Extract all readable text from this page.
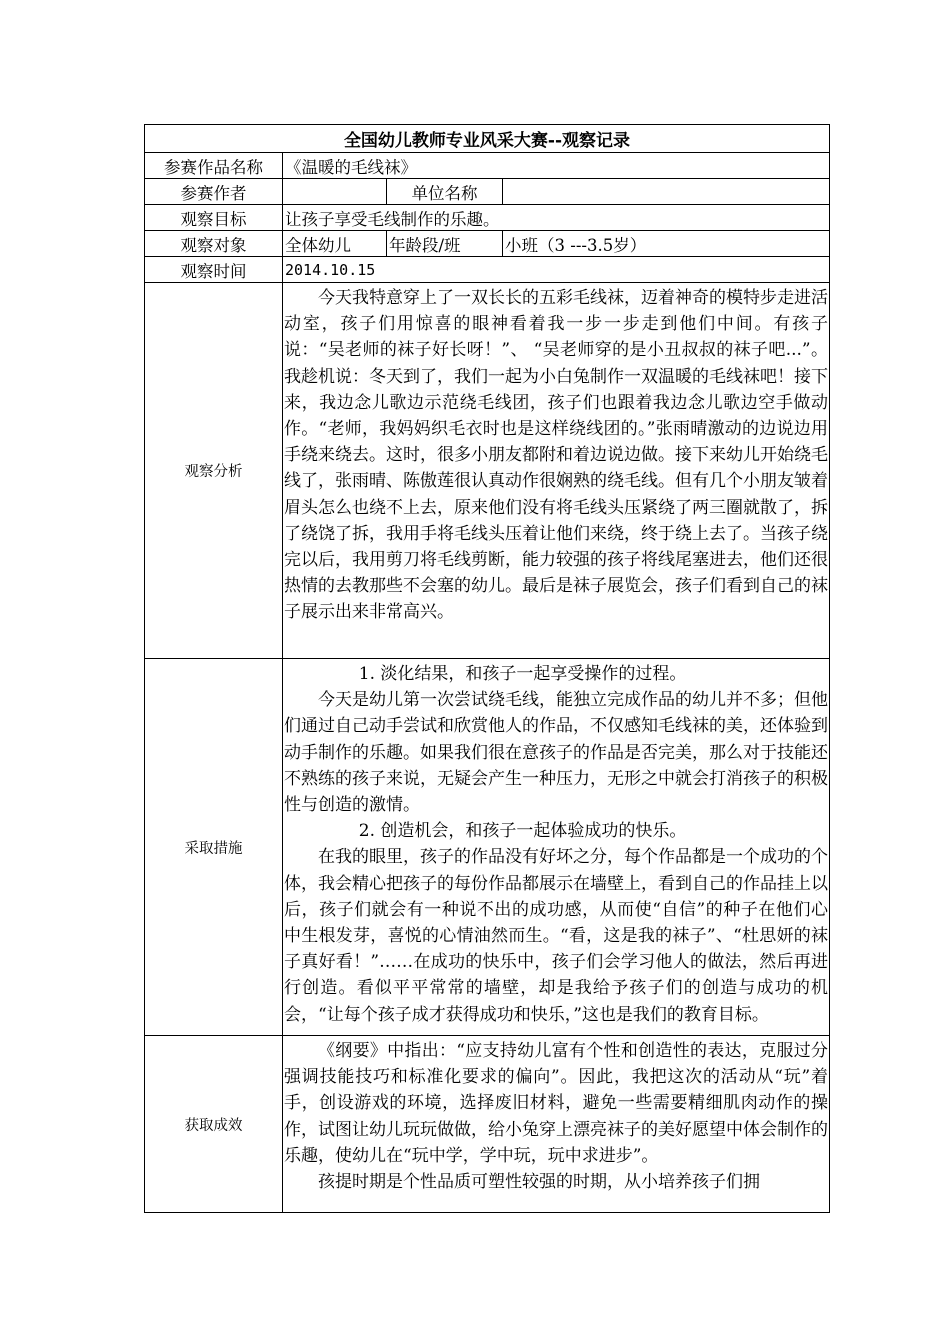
全国幼儿教师专业风采大赛--观察记录			
参赛作品名称	《温暖的毛线袜》		
参赛作者		单位名称	
观察目标	让孩子享受毛线制作的乐趣。		
观察对象	全体幼儿	年龄段/班	小班（3 ---3.5岁）
观察时间	2014.10.15		
观察分析	今天我特意穿上了一双长长的五彩毛线袜，迈着神奇的模特步走进活动室，孩子们用惊喜的眼神看着我一步一步走到他们中间。有孩子说：“吴老师的袜子好长呀！”、 “吴老师穿的是小丑叔叔的袜子吧...”。我趁机说：冬天到了，我们一起为小白兔制作一双温暖的毛线袜吧！接下来，我边念儿歌边示范绕毛线团，孩子们也跟着我边念儿歌边空手做动作。“老师，我妈妈织毛衣时也是这样绕线团的。”张雨晴激动的边说边用手绕来绕去。这时，很多小朋友都附和着边说边做。接下来幼儿开始绕毛线了，张雨晴、陈傲莲很认真动作很娴熟的绕毛线。但有几个小朋友皱着眉头怎么也绕不上去，原来他们没有将毛线头压紧绕了两三圈就散了，拆了绕饶了拆，我用手将毛线头压着让他们来绕，终于绕上去了。当孩子绕完以后，我用剪刀将毛线剪断，能力较强的孩子将线尾塞进去，他们还很热情的去教那些不会塞的幼儿。最后是袜子展览会，孩子们看到自己的袜子展示出来非常高兴。		

采取措施	1. 淡化结果，和孩子一起享受操作的过程。

今天是幼儿第一次尝试绕毛线，能独立完成作品的幼儿并不多；但他们通过自己动手尝试和欣赏他人的作品，不仅感知毛线袜的美，还体验到动手制作的乐趣。如果我们很在意孩子的作品是否完美，那么对于技能还不熟练的孩子来说，无疑会产生一种压力，无形之中就会打消孩子的积极性与创造的激情。

2. 创造机会，和孩子一起体验成功的快乐。

在我的眼里，孩子的作品没有好坏之分，每个作品都是一个成功的个体，我会精心把孩子的每份作品都展示在墙壁上，看到自己的作品挂上以后，孩子们就会有一种说不出的成功感，从而使“自信”的种子在他们心中生根发芽，喜悦的心情油然而生。“看，这是我的袜子”、“杜思妍的袜子真好看！”……在成功的快乐中，孩子们会学习他人的做法，然后再进行创造。看似平平常常的墙壁，却是我给予孩子们的创造与成功的机会，“让每个孩子成才获得成功和快乐，”这也是我们的教育目标。		

获取成效	《纲要》中指出：“应支持幼儿富有个性和创造性的表达，克服过分强调技能技巧和标准化要求的偏向”。因此，我把这次的活动从“玩”着手，创设游戏的环境，选择废旧材料，避免一些需要精细肌肉动作的操作，试图让幼儿玩玩做做，给小兔穿上漂亮袜子的美好愿望中体会制作的乐趣，使幼儿在“玩中学，学中玩，玩中求进步”。

孩提时期是个性品质可塑性较强的时期，从小培养孩子们拥		
